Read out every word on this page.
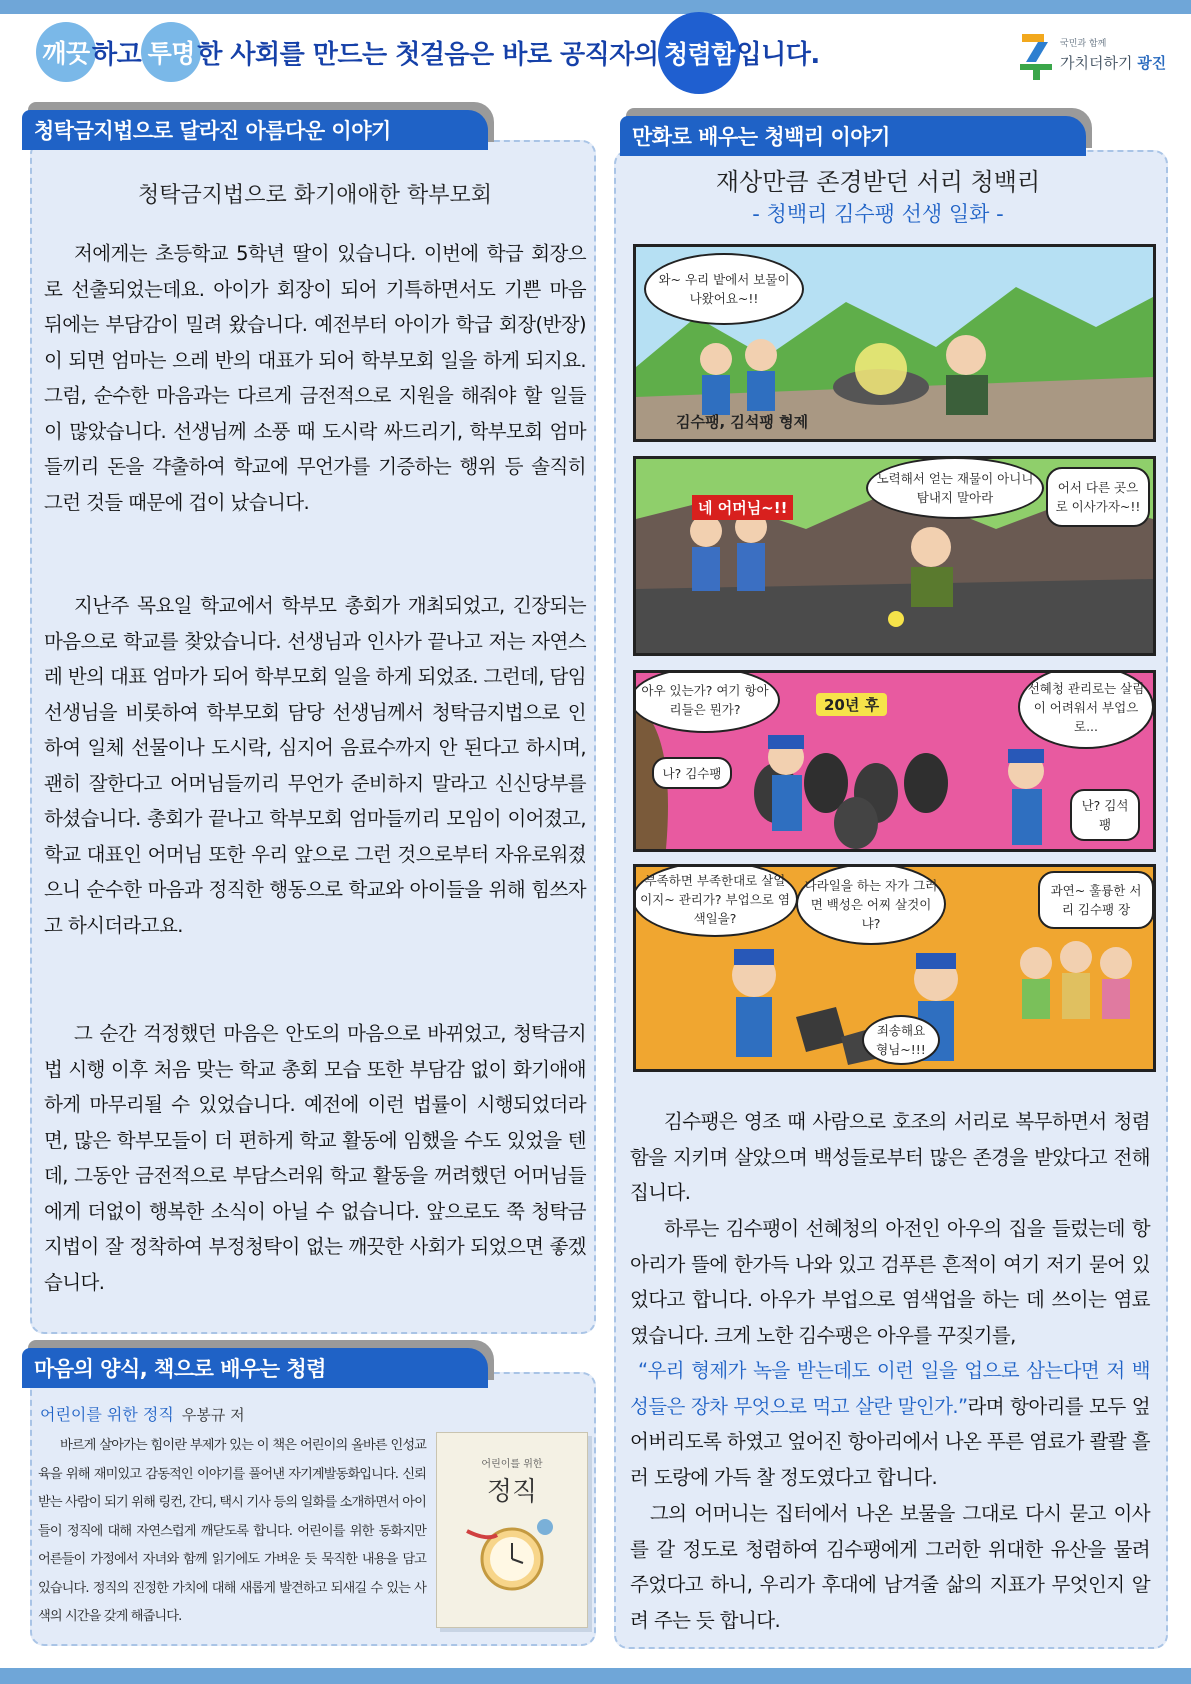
깨끗 하고 투명 한 사회를 만드는 첫걸음은 바로 공직자의 청렴함 입니다.	국민과 함께
가치더하기 광진
청탁금지법으로 달라진 아름다운 이야기
청탁금지법으로 화기애애한 학부모회
저에게는 초등학교 5학년 딸이 있습니다. 이번에 학급 회장으로 선출되었는데요. 아이가 회장이 되어 기특하면서도 기쁜 마음 뒤에는 부담감이 밀려 왔습니다. 예전부터 아이가 학급 회장(반장)이 되면 엄마는 으레 반의 대표가 되어 학부모회 일을 하게 되지요. 그럼, 순수한 마음과는 다르게 금전적으로 지원을 해줘야 할 일들이 많았습니다. 선생님께 소풍 때 도시락 싸드리기, 학부모회 엄마들끼리 돈을 갹출하여 학교에 무언가를 기증하는 행위 등 솔직히 그런 것들 때문에 겁이 났습니다.
지난주 목요일 학교에서 학부모 총회가 개최되었고, 긴장되는 마음으로 학교를 찾았습니다. 선생님과 인사가 끝나고 저는 자연스레 반의 대표 엄마가 되어 학부모회 일을 하게 되었죠. 그런데, 담임선생님을 비롯하여 학부모회 담당 선생님께서 청탁금지법으로 인하여 일체 선물이나 도시락, 심지어 음료수까지 안 된다고 하시며, 괜히 잘한다고 어머님들끼리 무언가 준비하지 말라고 신신당부를 하셨습니다. 총회가 끝나고 학부모회 엄마들끼리 모임이 이어졌고, 학교 대표인 어머님 또한 우리 앞으로 그런 것으로부터 자유로워졌으니 순수한 마음과 정직한 행동으로 학교와 아이들을 위해 힘쓰자고 하시더라고요.
그 순간 걱정했던 마음은 안도의 마음으로 바뀌었고, 청탁금지법 시행 이후 처음 맞는 학교 총회 모습 또한 부담감 없이 화기애애하게 마무리될 수 있었습니다. 예전에 이런 법률이 시행되었더라면, 많은 학부모들이 더 편하게 학교 활동에 임했을 수도 있었을 텐데, 그동안 금전적으로 부담스러워 학교 활동을 꺼려했던 어머님들에게 더없이 행복한 소식이 아닐 수 없습니다. 앞으로도 쭉 청탁금지법이 잘 정착하여 부정청탁이 없는 깨끗한 사회가 되었으면 좋겠습니다.
마음의 양식, 책으로 배우는 청렴
어린이를 위한 정직 우봉규 저
바르게 살아가는 힘이란 부제가 있는 이 책은 어린이의 올바른 인성교육을 위해 재미있고 감동적인 이야기를 풀어낸 자기계발동화입니다. 신뢰받는 사람이 되기 위해 링컨, 간디, 택시 기사 등의 일화를 소개하면서 아이들이 정직에 대해 자연스럽게 깨닫도록 합니다. 어린이를 위한 동화지만 어른들이 가정에서 자녀와 함께 읽기에도 가벼운 듯 묵직한 내용을 담고 있습니다. 정직의 진정한 가치에 대해 새롭게 발견하고 되새길 수 있는 사색의 시간을 갖게 해줍니다.
어린이를 위한
정직
만화로 배우는 청백리 이야기
재상만큼 존경받던 서리 청백리
- 청백리 김수팽 선생 일화 -
와~ 우리 밭에서 보물이 나왔어요~!!
김수팽, 김석팽 형제
네 어머님~!!
노력해서 얻는 재물이 아니니 탐내지 말아라
어서 다른 곳으로 이사가자~!!
아우 있는가? 여기 항아리들은 뭔가?	20년 후
선혜청 관리로는 살림이 어려워서 부업으로...
나? 김수팽
난? 김석팽
부족하면 부족한대로 살일이지~ 관리가? 부업으로 염색일을?
나라일을 하는 자가 그러면 백성은 어찌 살것이냐?
과연~ 훌륭한 서리 김수팽 장
죄송해요 형님~!!!
김수팽은 영조 때 사람으로 호조의 서리로 복무하면서 청렴함을 지키며 살았으며 백성들로부터 많은 존경을 받았다고 전해집니다.
하루는 김수팽이 선혜청의 아전인 아우의 집을 들렀는데 항아리가 뜰에 한가득 나와 있고 검푸른 흔적이 여기 저기 묻어 있었다고 합니다. 아우가 부업으로 염색업을 하는 데 쓰이는 염료였습니다. 크게 노한 김수팽은 아우를 꾸짖기를,
“우리 형제가 녹을 받는데도 이런 일을 업으로 삼는다면 저 백성들은 장차 무엇으로 먹고 살란 말인가.”라며 항아리를 모두 엎어버리도록 하였고 엎어진 항아리에서 나온 푸른 염료가 콸콸 흘러 도랑에 가득 찰 정도였다고 합니다.
그의 어머니는 집터에서 나온 보물을 그대로 다시 묻고 이사를 갈 정도로 청렴하여 김수팽에게 그러한 위대한 유산을 물려 주었다고 하니, 우리가 후대에 남겨줄 삶의 지표가 무엇인지 알려 주는 듯 합니다.
